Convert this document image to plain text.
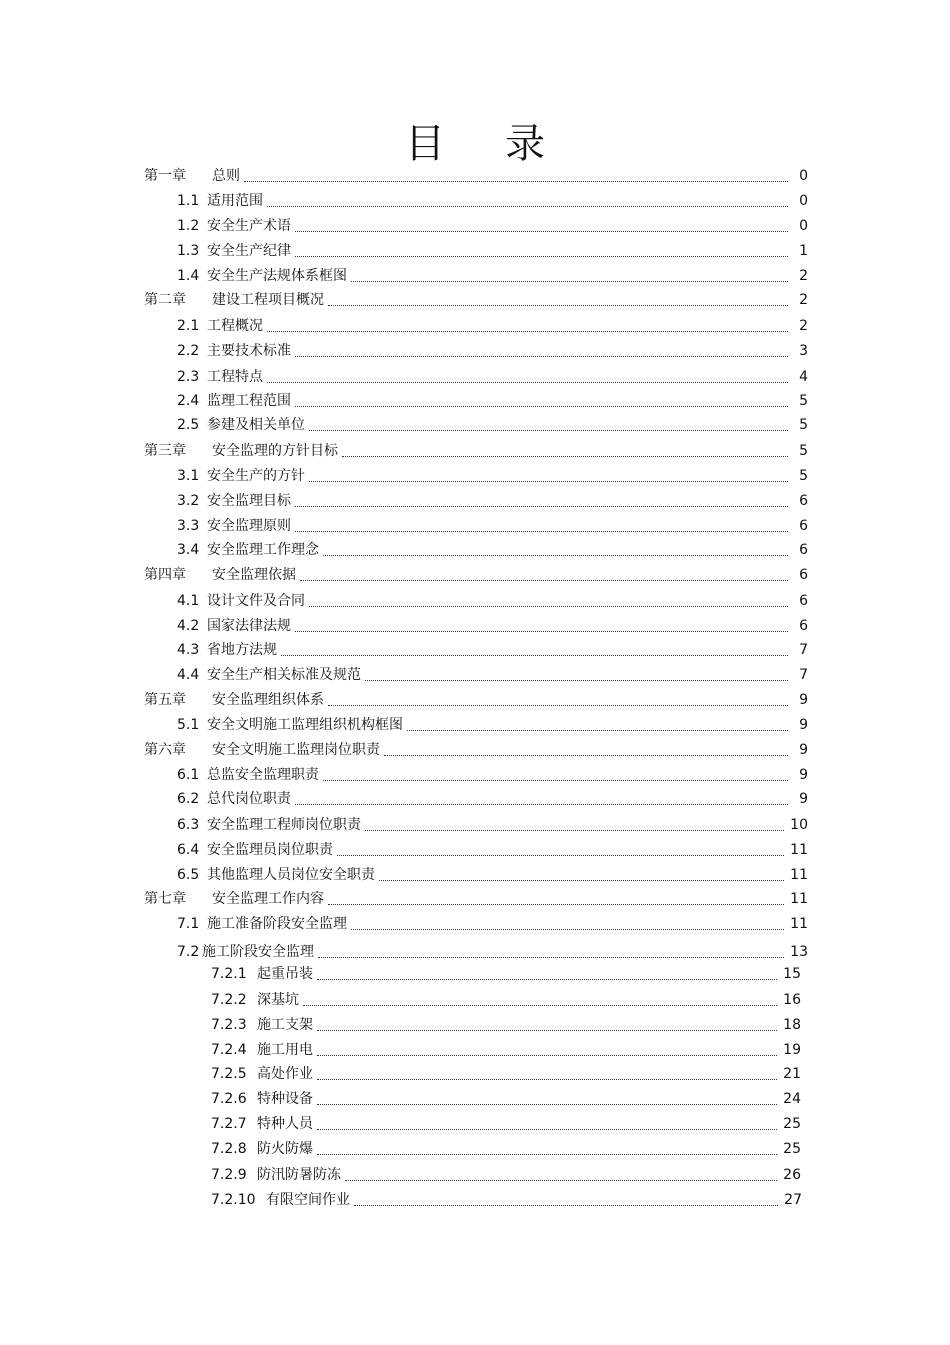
目 录
第一章	总则	0
1.1 适用范围	0
1.2 安全生产术语	0
1.3 安全生产纪律	1
1.4 安全生产法规体系框图	2
第二章	建设工程项目概况	2
2.1 工程概况	2
2.2 主要技术标准	3
2.3 工程特点	4
2.4 监理工程范围	5
2.5 参建及相关单位	5
第三章	安全监理的方针目标	5
3.1 安全生产的方针	5
3.2 安全监理目标	6
3.3 安全监理原则	6
3.4 安全监理工作理念	6
第四章	安全监理依据	6
4.1 设计文件及合同	6
4.2 国家法律法规	6
4.3 省地方法规	7
4.4 安全生产相关标准及规范	7
第五章	安全监理组织体系	9
5.1 安全文明施工监理组织机构框图	9
第六章	安全文明施工监理岗位职责	9
6.1 总监安全监理职责	9
6.2 总代岗位职责	9
6.3 安全监理工程师岗位职责	10
6.4 安全监理员岗位职责	11
6.5 其他监理人员岗位安全职责	11
第七章	安全监理工作内容	11
7.1 施工准备阶段安全监理	11
7.2 施工阶段安全监理	13
7.2.1 起重吊装	15
7.2.2 深基坑	16
7.2.3 施工支架	18
7.2.4 施工用电	19
7.2.5 高处作业	21
7.2.6 特种设备	24
7.2.7 特种人员	25
7.2.8 防火防爆	25
7.2.9 防汛防暑防冻	26
7.2.10 有限空间作业	27
